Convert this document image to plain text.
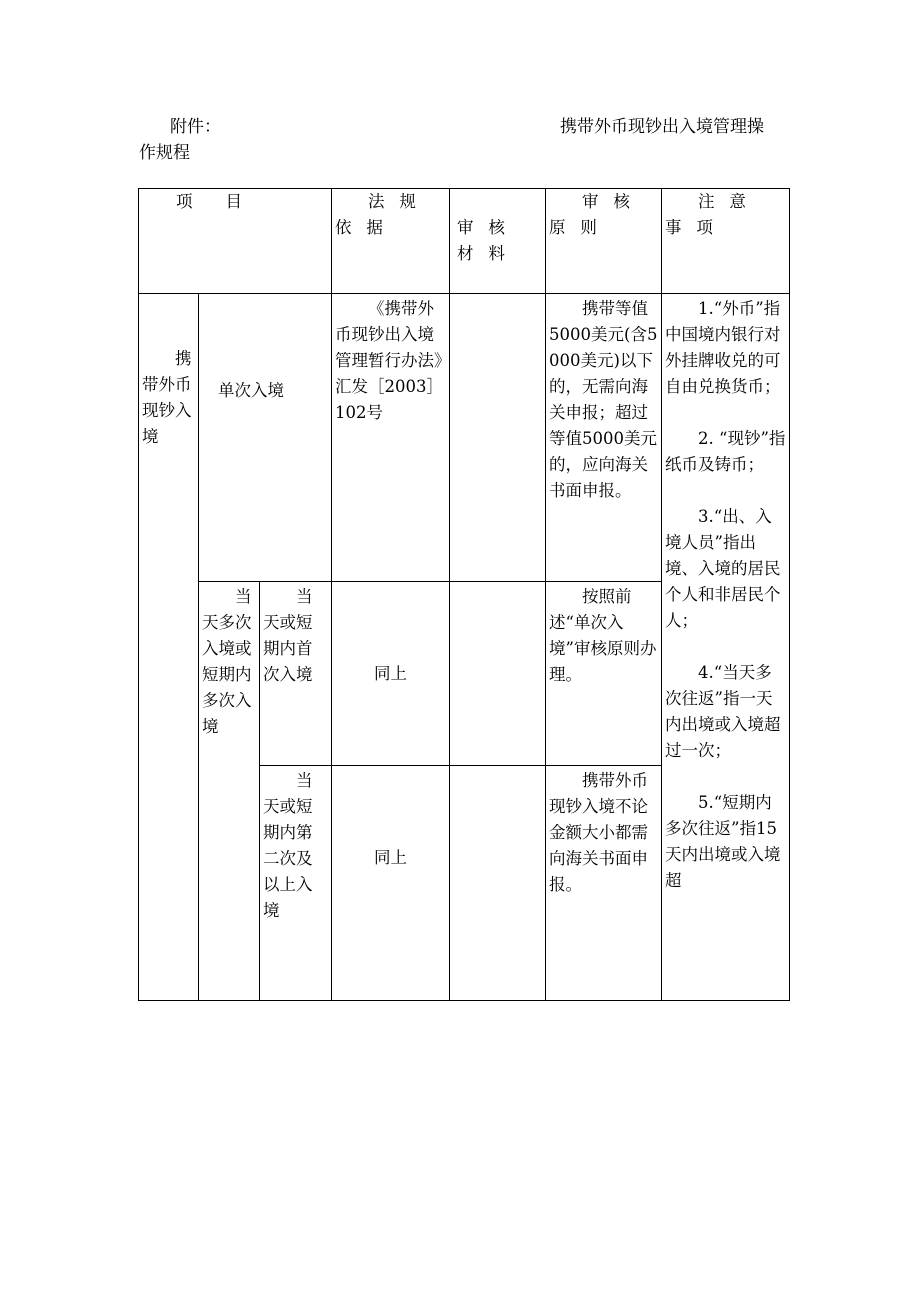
附件：	携带外币现钞出入境管理操
作规程
项　　目			法规依据	审核材料	审核原则	注意事项

携带外币现钞入境	单次入境		《携带外币现钞出入境管理暂行办法》汇发［2003］102号		携带等值5000美元(含5000美元)以下的，无需向海关申报；超过等值5000美元的，应向海关书面申报。	1.“外币”指中国境内银行对外挂牌收兑的可自由兑换货币；
2. “现钞”指纸币及铸币；
3.“出、入境人员”指出境、入境的居民个人和非居民个人；
4.“当天多次往返”指一天内出境或入境超过一次；
5.“短期内多次往返”指15天内出境或入境超

	当天多次入境或短期内多次入境	当天或短期内首次入境	同上		按照前述“单次入境”审核原则办理。	

		当天或短期内第二次及以上入境	同上		携带外币现钞入境不论金额大小都需向海关书面申报。	
